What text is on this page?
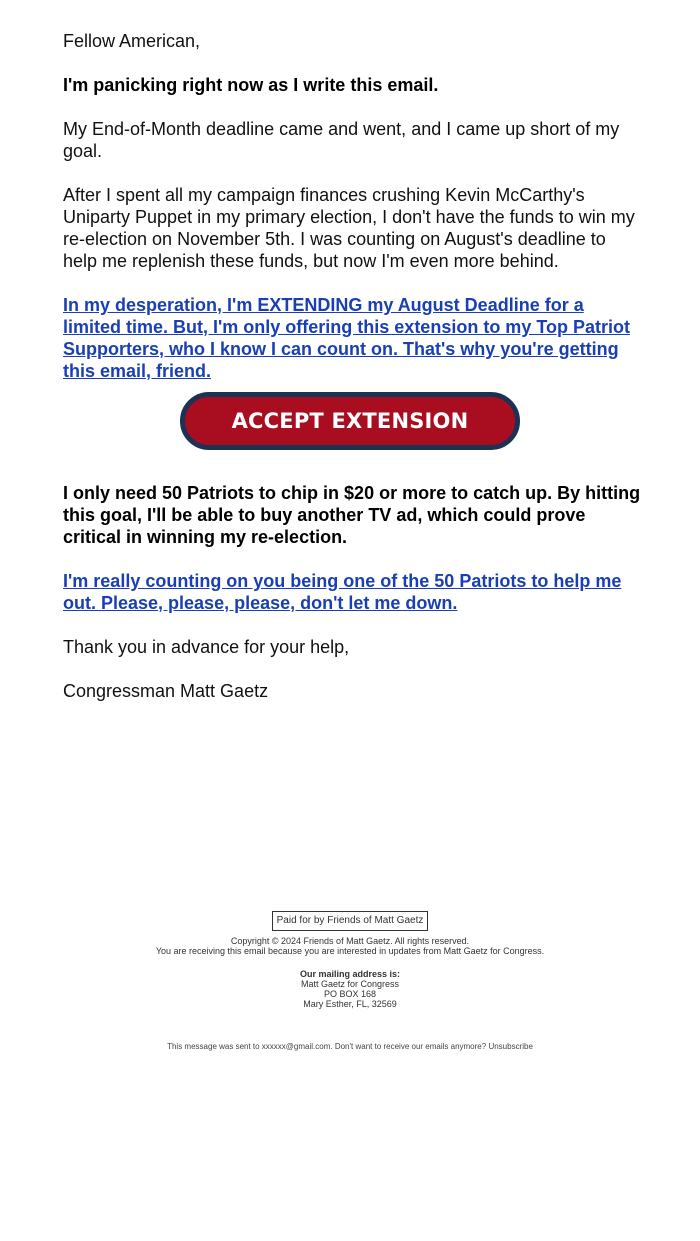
Fellow American,

I'm panicking right now as I write this email.

My End-of-Month deadline came and went, and I came up short of my goal.

After I spent all my campaign finances crushing Kevin McCarthy's Uniparty Puppet in my primary election, I don't have the funds to win my re-election on November 5th. I was counting on August's deadline to help me replenish these funds, but now I'm even more behind.

In my desperation, I'm EXTENDING my August Deadline for a limited time. But, I'm only offering this extension to my Top Patriot Supporters, who I know I can count on. That's why you're getting this email, friend.

ACCEPT EXTENSION

I only need 50 Patriots to chip in $20 or more to catch up. By hitting this goal, I'll be able to buy another TV ad, which could prove critical in winning my re-election.

I'm really counting on you being one of the 50 Patriots to help me out. Please, please, please, don't let me down.

Thank you in advance for your help,

Congressman Matt Gaetz

Paid for by Friends of Matt Gaetz

Copyright © 2024 Friends of Matt Gaetz. All rights reserved.

You are receiving this email because you are interested in updates from Matt Gaetz for Congress.

Our mailing address is:

Matt Gaetz for Congress

PO BOX 168

Mary Esther, FL, 32569

This message was sent to xxxxxx@gmail.com. Don't want to receive our emails anymore? Unsubscribe
